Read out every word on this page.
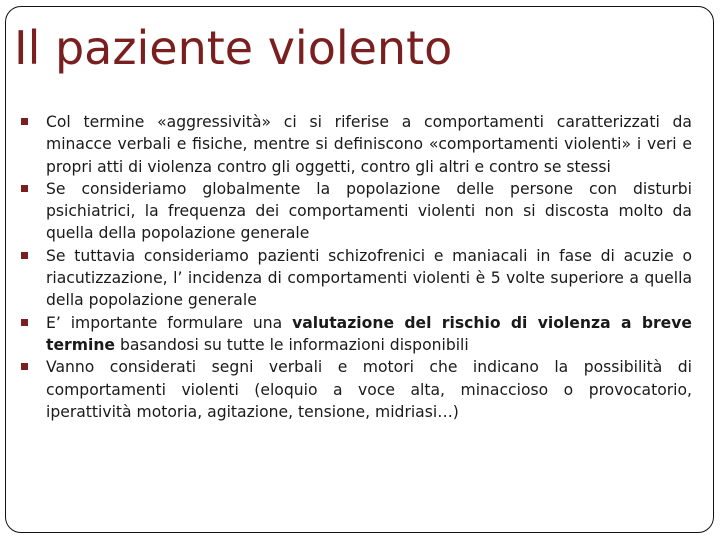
Il paziente violento
Col termine «aggressività» ci si riferise a comportamenti caratterizzati da minacce verbali e fisiche, mentre si definiscono «comportamenti violenti» i veri e propri atti di violenza contro gli oggetti, contro gli altri e contro se stessi
Se consideriamo globalmente la popolazione delle persone con disturbi psichiatrici, la frequenza dei comportamenti violenti non si discosta molto da quella della popolazione generale
Se tuttavia consideriamo pazienti schizofrenici e maniacali in fase di acuzie o riacutizzazione, l’ incidenza di comportamenti violenti è 5 volte superiore a quella della popolazione generale
E’ importante formulare una valutazione del rischio di violenza a breve termine basandosi su tutte le informazioni disponibili
Vanno considerati segni verbali e motori che indicano la possibilità di comportamenti violenti (eloquio a voce alta, minaccioso o provocatorio, iperattività motoria, agitazione, tensione, midriasi…)
